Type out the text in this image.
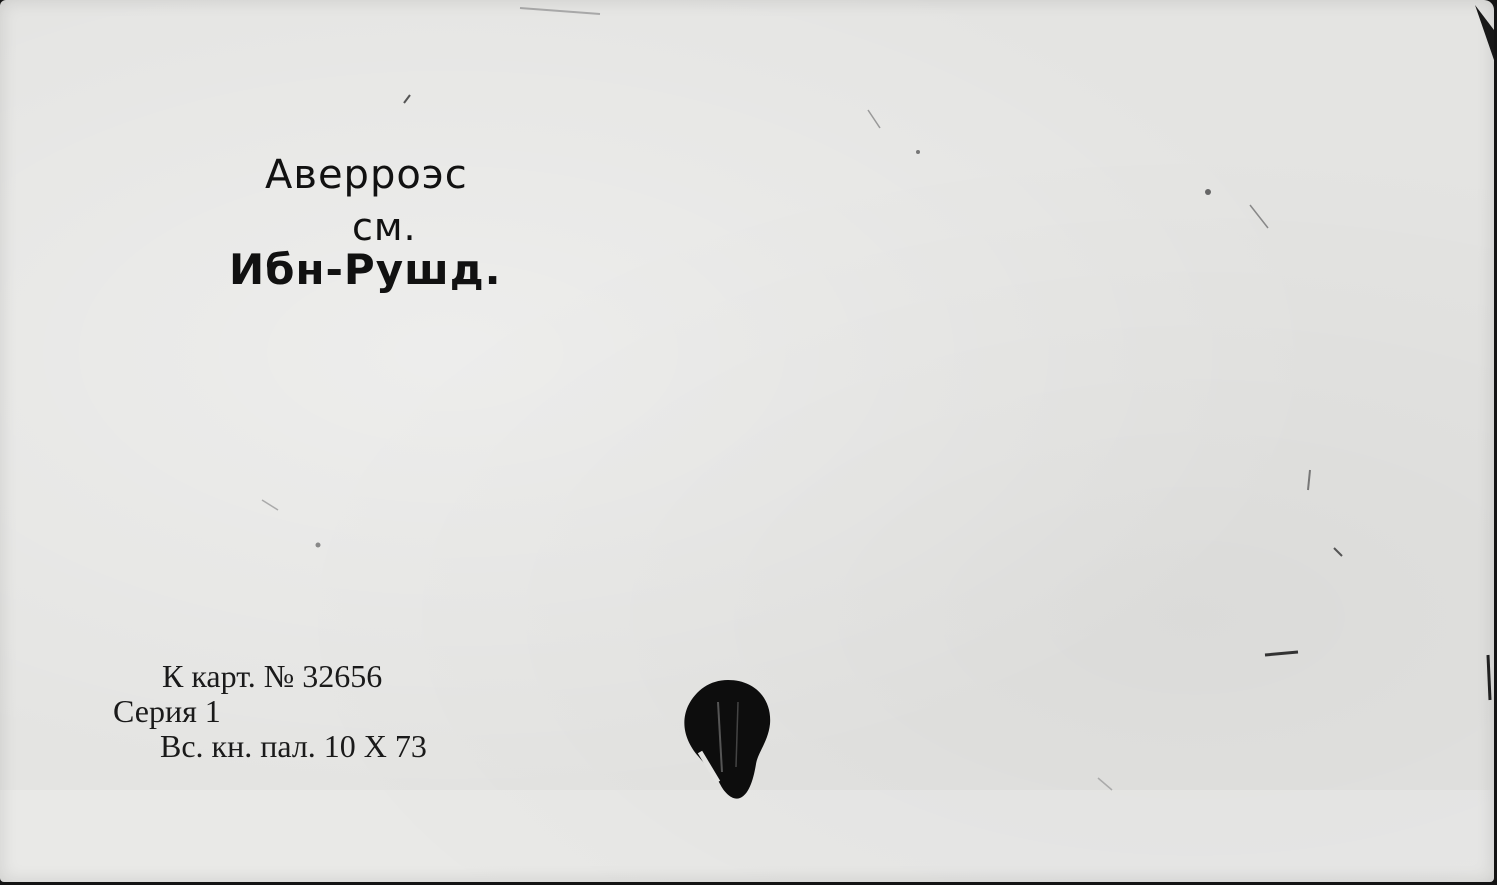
Аверроэс
см.
Ибн-Рушд.
К карт. № 32656
Серия 1
Вс. кн. пал. 10 Х 73
